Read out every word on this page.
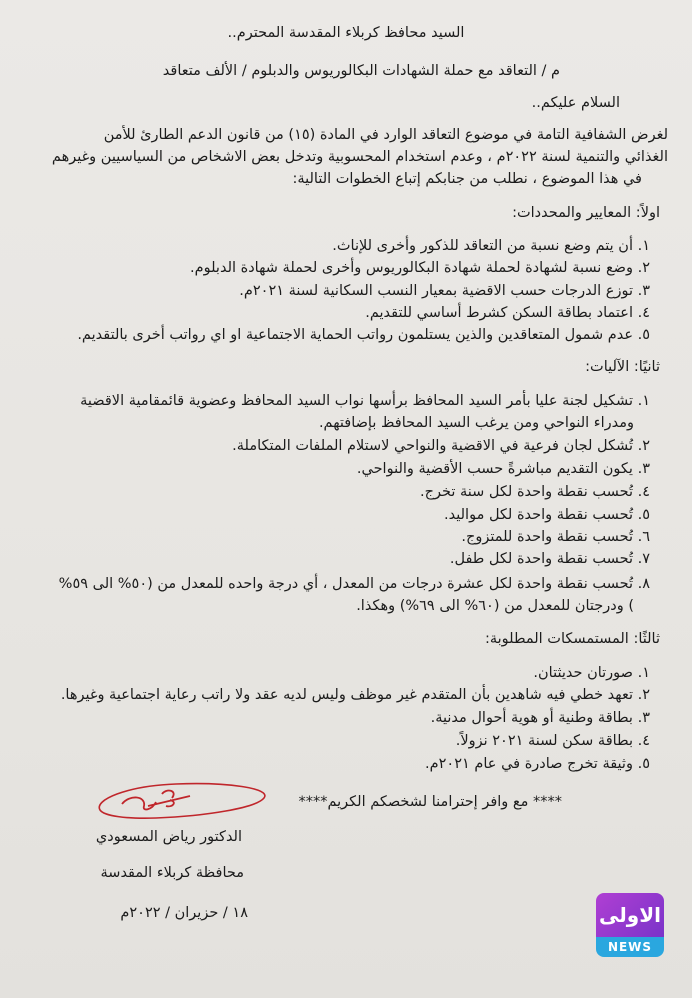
السيد محافظ كربلاء المقدسة المحترم..
م / التعاقد مع حملة الشهادات البكالوريوس والدبلوم / الألف متعاقد
السلام عليكم..
لغرض الشفافية التامة في موضوع التعاقد الوارد في المادة (١٥) من قانون الدعم الطارئ للأمن
الغذائي والتنمية لسنة ٢٠٢٢م ، وعدم استخدام المحسوبية وتدخل بعض الاشخاص من السياسيين وغيرهم
في هذا الموضوع ، نطلب من جنابكم إتباع الخطوات التالية:
اولاً: المعايير والمحددات:
١. أن يتم وضع نسبة من التعاقد للذكور وأخرى للإناث.
٢. وضع نسبة لشهادة لحملة شهادة البكالوريوس وأخرى لحملة شهادة الدبلوم.
٣. توزع الدرجات حسب الاقضية بمعيار النسب السكانية لسنة ٢٠٢١م.
٤. اعتماد بطاقة السكن كشرط أساسي للتقديم.
٥. عدم شمول المتعاقدين والذين يستلمون رواتب الحماية الاجتماعية او اي رواتب أخرى بالتقديم.
ثانيًا: الآليات:
١. تشكيل لجنة عليا بأمر السيد المحافظ برأسها نواب السيد المحافظ وعضوية قائمقامية الاقضية
ومدراء النواحي ومن يرغب السيد المحافظ بإضافتهم.
٢. تُشكل لجان فرعية في الاقضية والنواحي لاستلام الملفات المتكاملة.
٣. يكون التقديم مباشرةً حسب الأقضية والنواحي.
٤. تُحسب نقطة واحدة لكل سنة تخرج.
٥. تُحسب نقطة واحدة لكل مواليد.
٦. تُحسب نقطة واحدة للمتزوج.
٧. تُحسب نقطة واحدة لكل طفل.
٨. تُحسب نقطة واحدة لكل عشرة درجات من المعدل ، أي درجة واحده للمعدل من (٥٠% الى ٥٩%
) ودرجتان للمعدل من (٦٠% الى ٦٩%) وهكذا.
ثالثًا: المستمسكات المطلوبة:
١. صورتان حديثتان.
٢. تعهد خطي فيه شاهدين بأن المتقدم غير موظف وليس لديه عقد ولا راتب رعاية اجتماعية وغيرها.
٣. بطاقة وطنية أو هوية أحوال مدنية.
٤. بطاقة سكن لسنة ٢٠٢١ نزولاً.
٥. وثيقة تخرج صادرة في عام ٢٠٢١م.
**** مع وافر إحترامنا لشخصكم الكريم****
الدكتور رياض المسعودي
محافظة كربلاء المقدسة
١٨ / حزيران / ٢٠٢٢م	الاولى
NEWS
